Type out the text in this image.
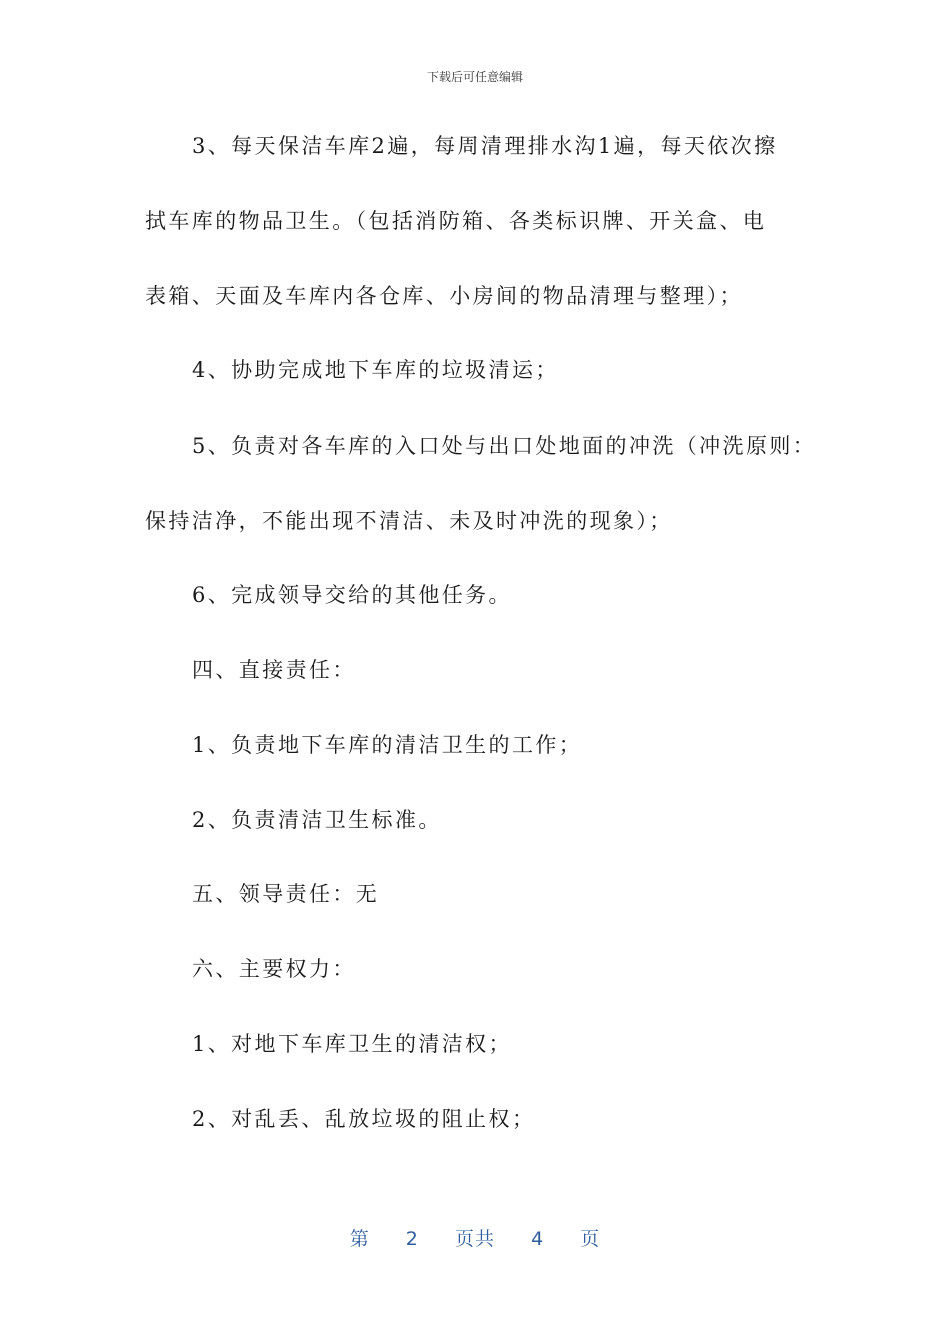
下载后可任意编辑
3、每天保洁车库2遍，每周清理排水沟1遍，每天依次擦
拭车库的物品卫生。（包括消防箱、各类标识牌、开关盒、电
表箱、天面及车库内各仓库、小房间的物品清理与整理）；
4、协助完成地下车库的垃圾清运；
5、负责对各车库的入口处与出口处地面的冲洗（冲洗原则：
保持洁净，不能出现不清洁、未及时冲洗的现象）；
6、完成领导交给的其他任务。
四、直接责任：
1、负责地下车库的清洁卫生的工作；
2、负责清洁卫生标准。
五、领导责任：无
六、主要权力：
1、对地下车库卫生的清洁权；
2、对乱丢、乱放垃圾的阻止权；
第 2 页共 4 页
